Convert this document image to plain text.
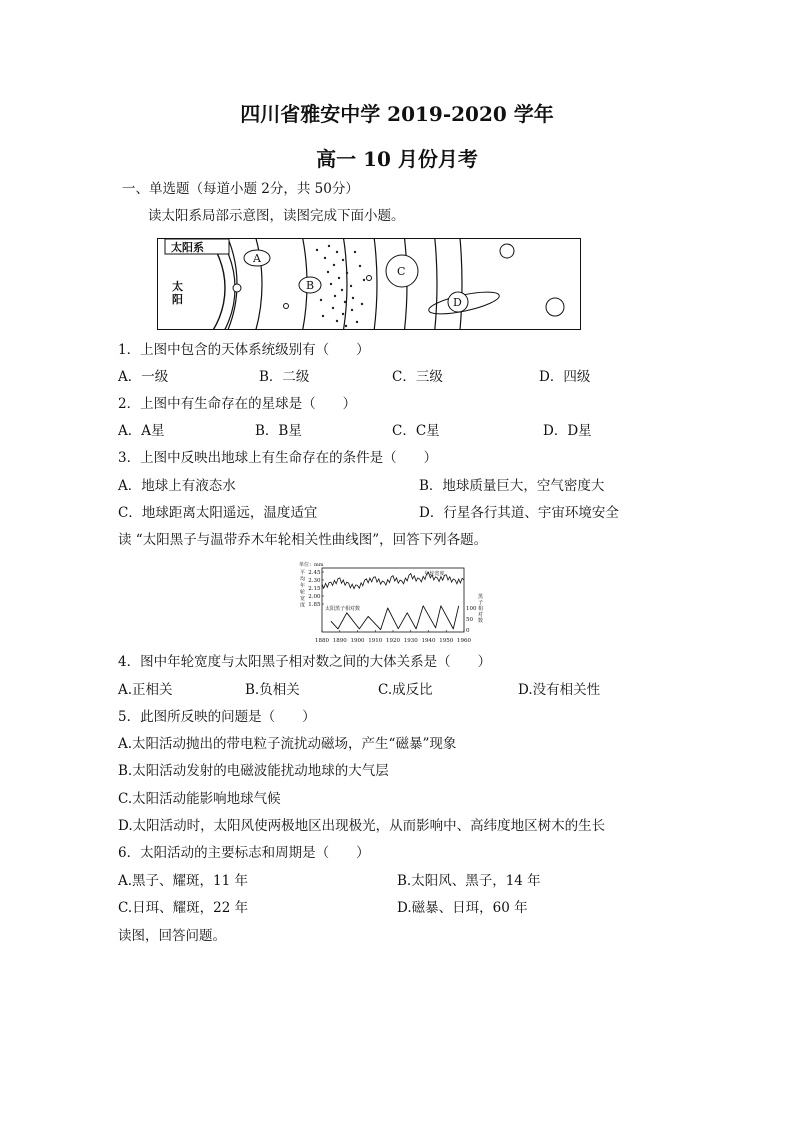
四川省雅安中学 2019-2020 学年
高一 10 月份月考
一、单选题（每道小题 2分，共 50分）
读太阳系局部示意图，读图完成下面小题。
太阳系
太
阳
A
B
C
D
1．上图中包含的天体系统级别有（　　）
A．一级	B．二级	C．三级	D．四级
2．上图中有生命存在的星球是（　　）
A．A星	B．B星	C．C星	D．D星
3．上图中反映出地球上有生命存在的条件是（　　）
A．地球上有液态水	B．地球质量巨大，空气密度大
C．地球距离太阳遥远，温度适宜	D．行星各行其道、宇宙环境安全
读 “太阳黑子与温带乔木年轮相关性曲线图”，回答下列各题。
单位：mm
2.45
2.30
2.15
2.00
1.85
平
均
年
轮
宽
度
100
50
0
黑
子
相
对
数
1880 1890 1900 1910 1920 1930 1940 1950 1960
年轮宽度
太阳黑子相对数
4．图中年轮宽度与太阳黑子相对数之间的大体关系是（　　）
A.正相关	B.负相关	C.成反比	D.没有相关性
5．此图所反映的问题是（　　）
A.太阳活动抛出的带电粒子流扰动磁场，产生“磁暴”现象
B.太阳活动发射的电磁波能扰动地球的大气层
C.太阳活动能影响地球气候
D.太阳活动时，太阳风使两极地区出现极光，从而影响中、高纬度地区树木的生长
6．太阳活动的主要标志和周期是（　　）
A.黑子、耀斑，11 年	B.太阳风、黑子，14 年
C.日珥、耀斑，22 年	D.磁暴、日珥，60 年
读图，回答问题。
